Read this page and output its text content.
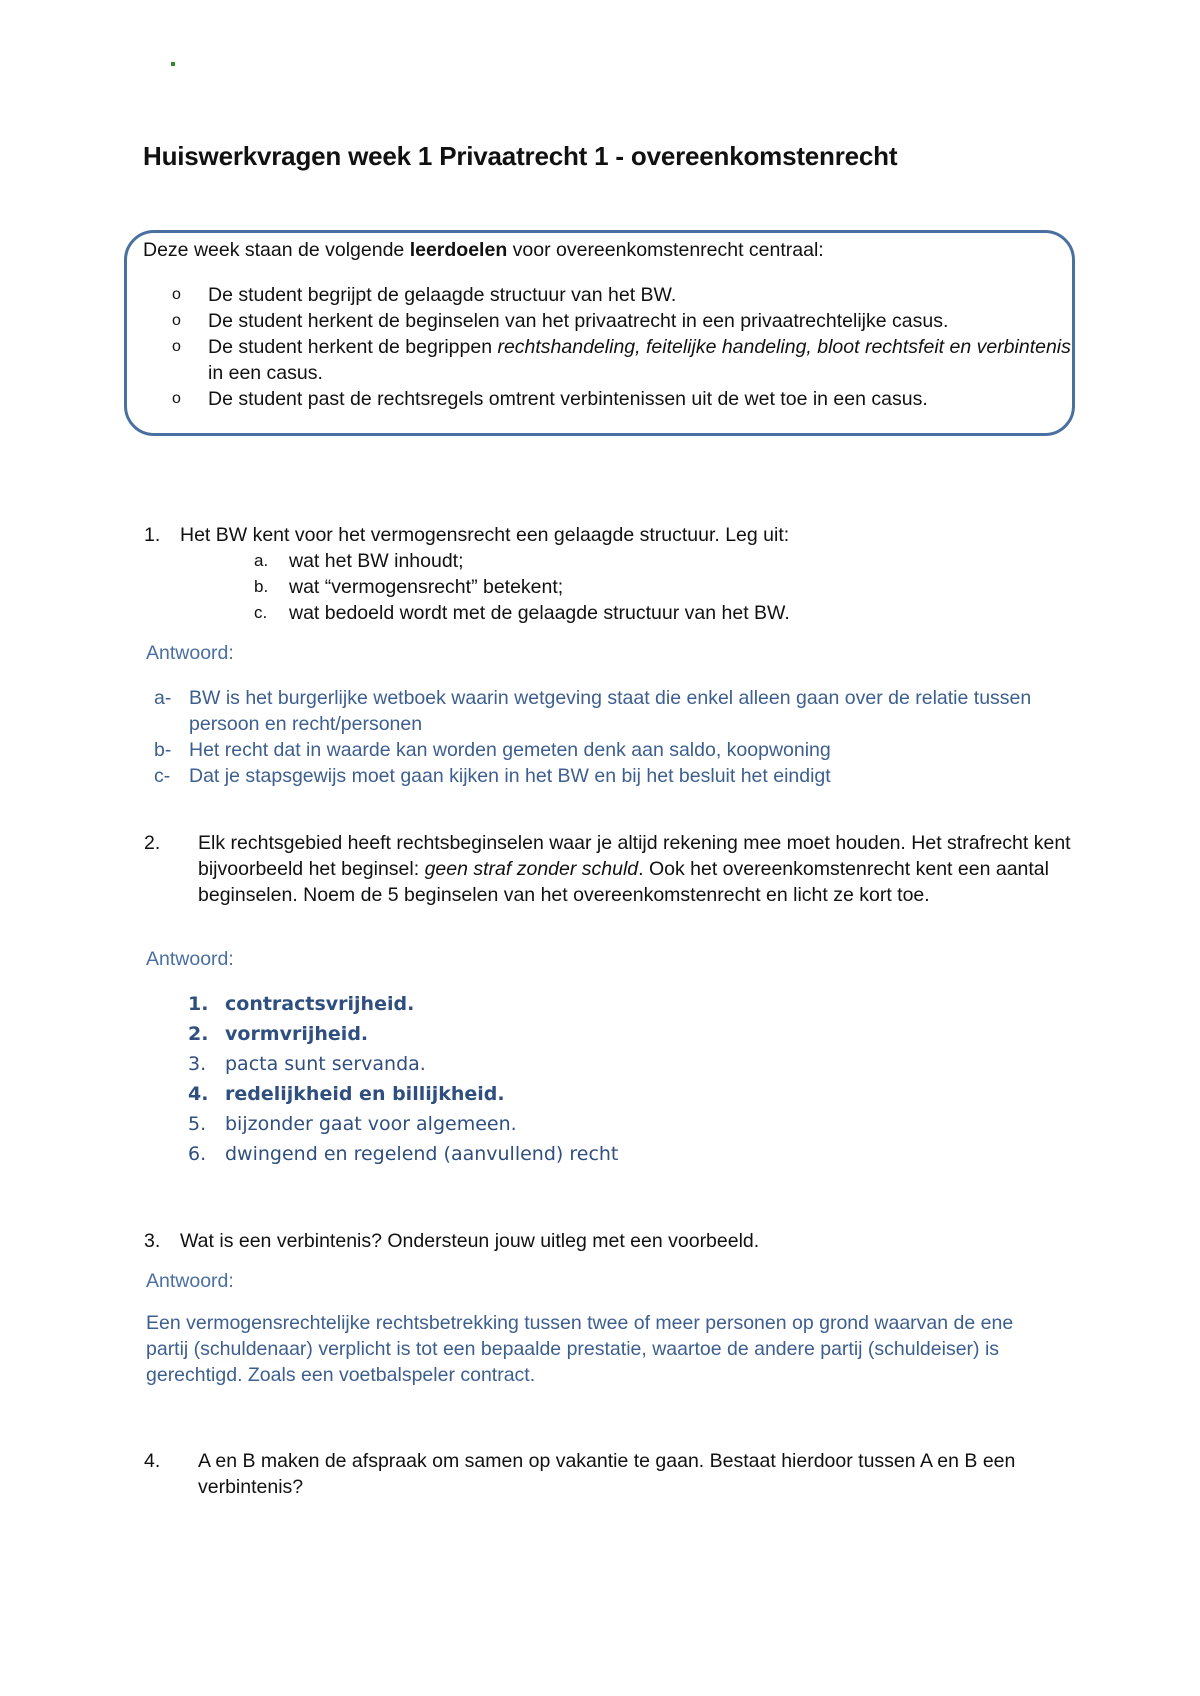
Huiswerkvragen week 1 Privaatrecht 1 - overeenkomstenrecht
Deze week staan de volgende leerdoelen voor overeenkomstenrecht centraal:
o De student begrijpt de gelaagde structuur van het BW.
o De student herkent de beginselen van het privaatrecht in een privaatrechtelijke casus.
o De student herkent de begrippen rechtshandeling, feitelijke handeling, bloot rechtsfeit en verbintenis in een casus.
o De student past de rechtsregels omtrent verbintenissen uit de wet toe in een casus.
1. Het BW kent voor het vermogensrecht een gelaagde structuur. Leg uit:
a. wat het BW inhoudt;
b. wat “vermogensrecht” betekent;
c. wat bedoeld wordt met de gelaagde structuur van het BW.
Antwoord:
a- BW is het burgerlijke wetboek waarin wetgeving staat die enkel alleen gaan over de relatie tussen persoon en recht/personen
b- Het recht dat in waarde kan worden gemeten denk aan saldo, koopwoning
c- Dat je stapsgewijs moet gaan kijken in het BW en bij het besluit het eindigt
2. Elk rechtsgebied heeft rechtsbeginselen waar je altijd rekening mee moet houden. Het strafrecht kent bijvoorbeeld het beginsel: geen straf zonder schuld. Ook het overeenkomstenrecht kent een aantal beginselen. Noem de 5 beginselen van het overeenkomstenrecht en licht ze kort toe.
Antwoord:
1. contractsvrijheid.
2. vormvrijheid.
3. pacta sunt servanda.
4. redelijkheid en billijkheid.
5. bijzonder gaat voor algemeen.
6. dwingend en regelend (aanvullend) recht
3. Wat is een verbintenis? Ondersteun jouw uitleg met een voorbeeld.
Antwoord:
Een vermogensrechtelijke rechtsbetrekking tussen twee of meer personen op grond waarvan de ene partij (schuldenaar) verplicht is tot een bepaalde prestatie, waartoe de andere partij (schuldeiser) is gerechtigd. Zoals een voetbalspeler contract.
4. A en B maken de afspraak om samen op vakantie te gaan. Bestaat hierdoor tussen A en B een verbintenis?
